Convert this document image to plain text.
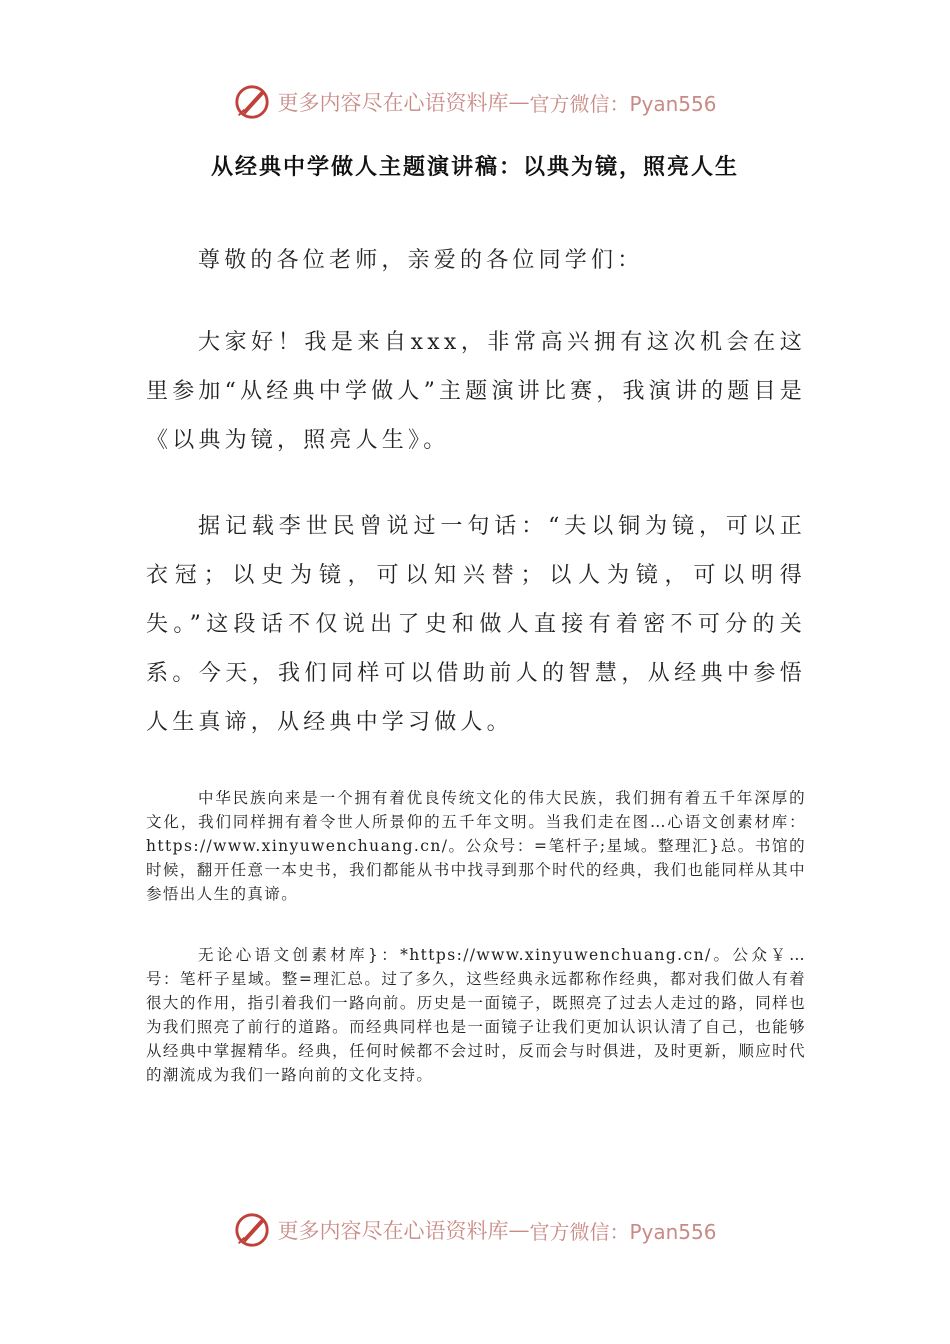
更多内容尽在心语资料库 — 官方微信：Pyan556
从经典中学做人主题演讲稿：以典为镜，照亮人生

尊敬的各位老师，亲爱的各位同学们：

大家好！我是来自xxx，非常高兴拥有这次机会在这里参加“从经典中学做人”主题演讲比赛，我演讲的题目是《以典为镜，照亮人生》。

据记载李世民曾说过一句话：“夫以铜为镜，可以正衣冠；以史为镜，可以知兴替；以人为镜，可以明得失。”这段话不仅说出了史和做人直接有着密不可分的关系。今天，我们同样可以借助前人的智慧，从经典中参悟人生真谛，从经典中学习做人。

中华民族向来是一个拥有着优良传统文化的伟大民族，我们拥有着五千年深厚的文化，我们同样拥有着令世人所景仰的五千年文明。当我们走在图…心语文创素材库：https://www.xinyuwenchuang.cn/。公众号：=笔杆子;星域。整理汇}总。书馆的时候，翻开任意一本史书，我们都能从书中找寻到那个时代的经典，我们也能同样从其中参悟出人生的真谛。

无论心语文创素材库}：*https://www.xinyuwenchuang.cn/。公众￥…号：笔杆子星域。整=理汇总。过了多久，这些经典永远都称作经典，都对我们做人有着很大的作用，指引着我们一路向前。历史是一面镜子，既照亮了过去人走过的路，同样也为我们照亮了前行的道路。而经典同样也是一面镜子让我们更加认识认清了自己，也能够从经典中掌握精华。经典，任何时候都不会过时，反而会与时俱进，及时更新，顺应时代的潮流成为我们一路向前的文化支持。

更多内容尽在心语资料库 — 官方微信：Pyan556
